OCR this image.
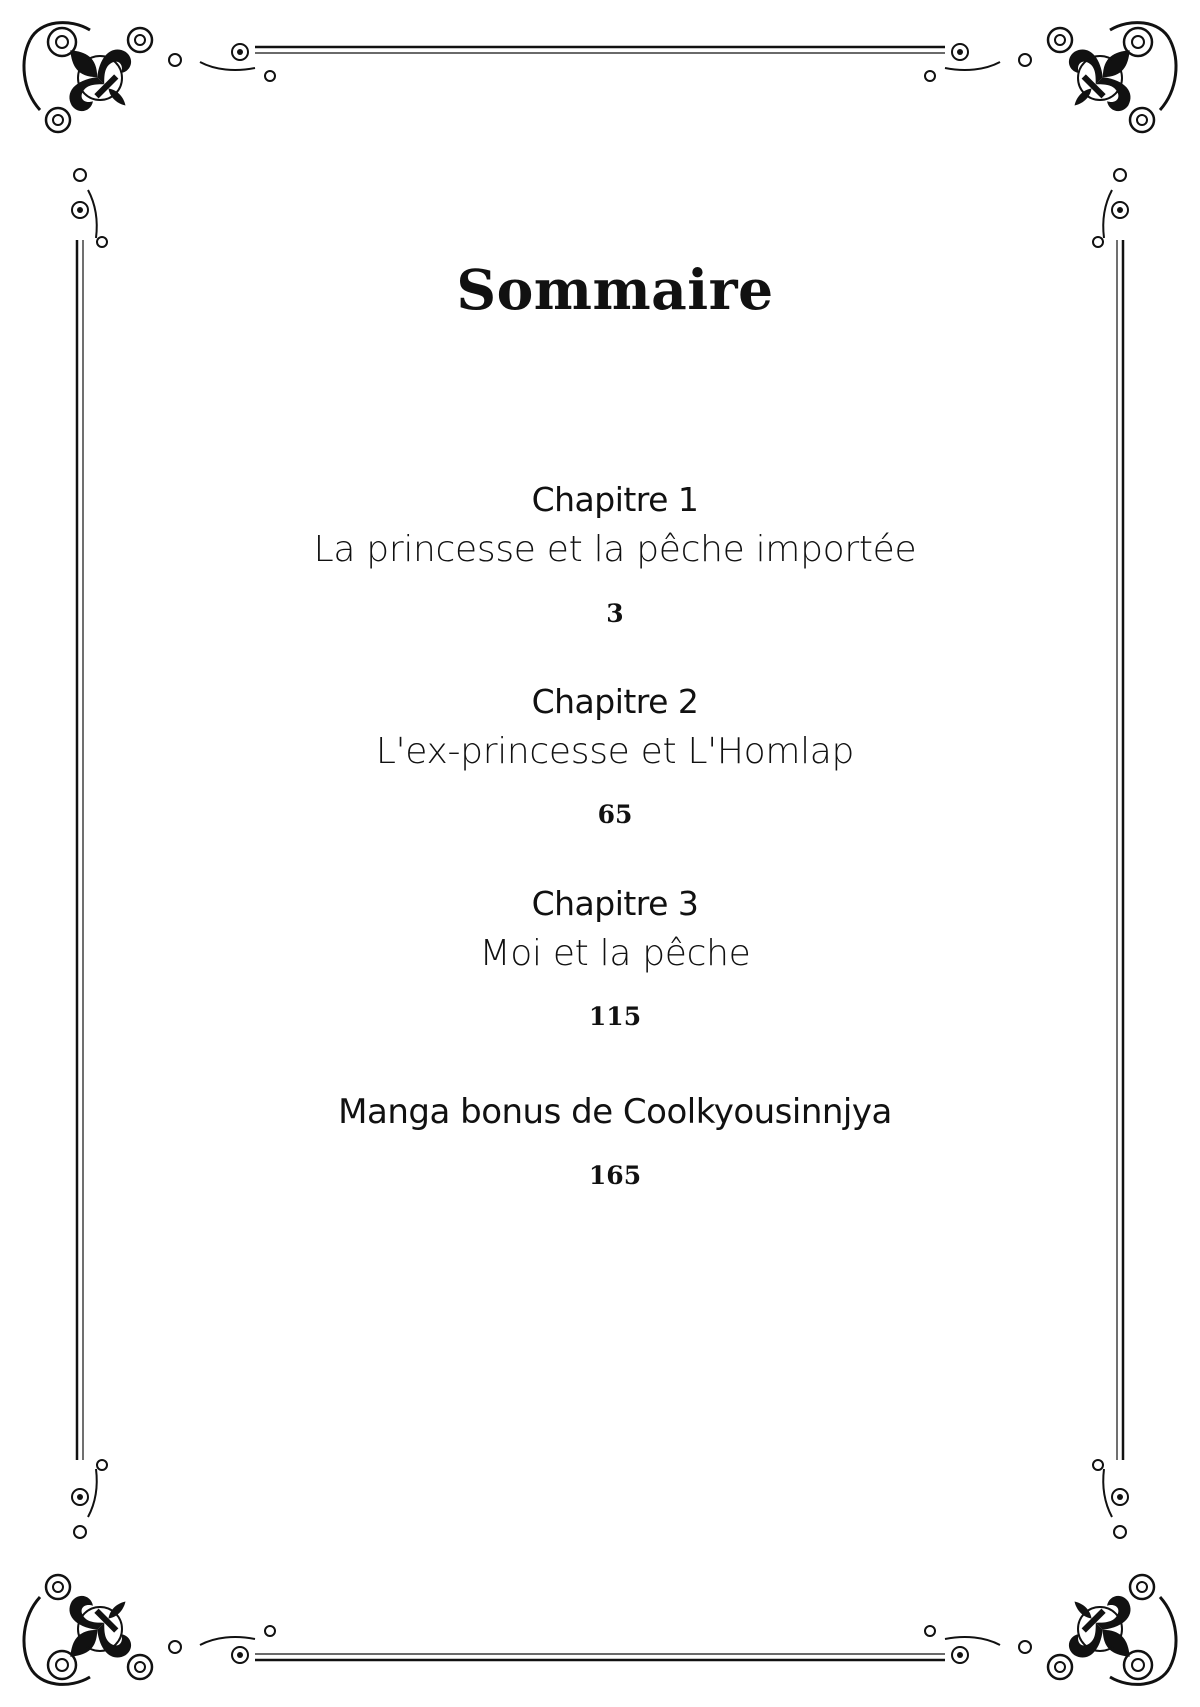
Sommaire
Chapitre 1
La princesse et la pêche importée
3
Chapitre 2
L'ex-princesse et L'Homlap
65
Chapitre 3
Moi et la pêche
115
Manga bonus de Coolkyousinnjya
165
